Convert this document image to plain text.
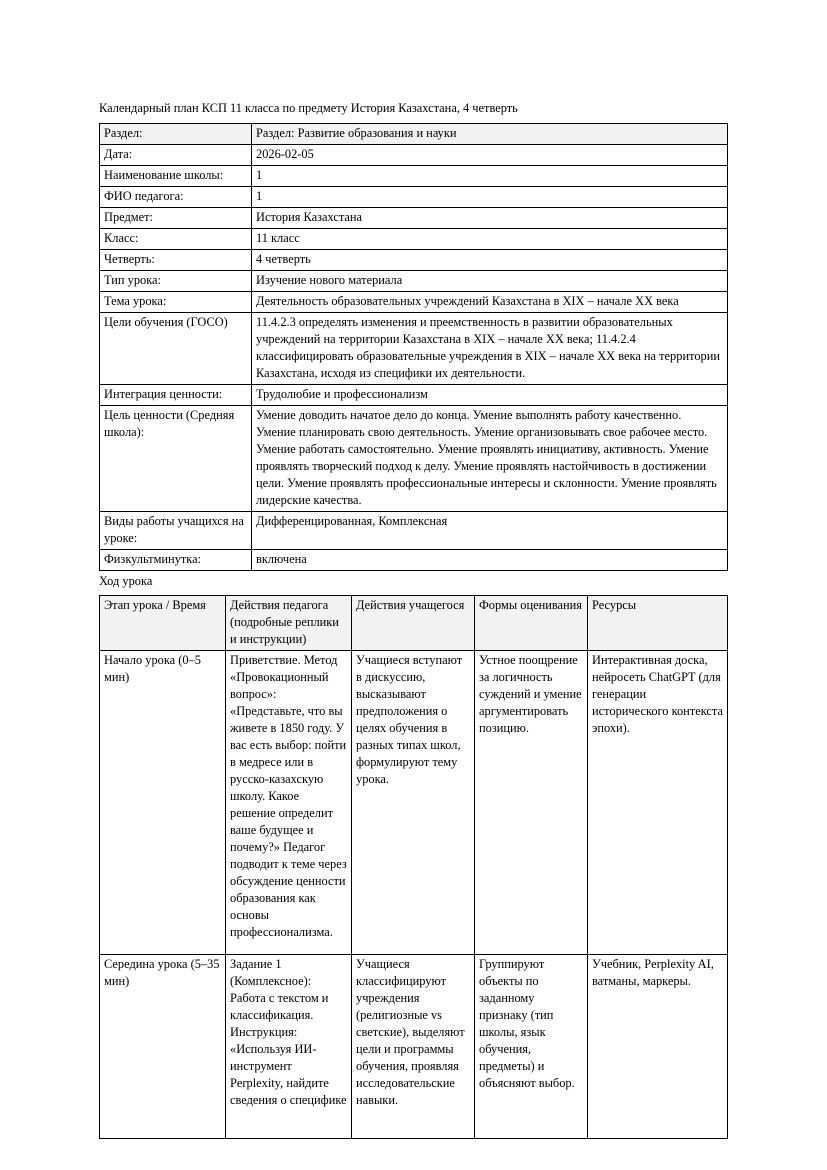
Календарный план КСП 11 класса по предмету История Казахстана, 4 четверть

Раздел:	Раздел: Развитие образования и науки
Дата:	2026-02-05
Наименование школы:	1
ФИО педагога:	1
Предмет:	История Казахстана
Класс:	11 класс
Четверть:	4 четверть
Тип урока:	Изучение нового материала
Тема урока:	Деятельность образовательных учреждений Казахстана в XIX – начале XX века
Цели обучения (ГОСО)	11.4.2.3 определять изменения и преемственность в развитии образовательных учреждений на территории Казахстана в XIX – начале XX века; 11.4.2.4 классифицировать образовательные учреждения в XIX – начале XX века на территории Казахстана, исходя из специфики их деятельности.
Интеграция ценности:	Трудолюбие и профессионализм
Цель ценности (Средняя школа):	Умение доводить начатое дело до конца. Умение выполнять работу качественно. Умение планировать свою деятельность. Умение организовывать свое рабочее место. Умение работать самостоятельно. Умение проявлять инициативу, активность. Умение проявлять творческий подход к делу. Умение проявлять настойчивость в достижении цели. Умение проявлять профессиональные интересы и склонности. Умение проявлять лидерские качества.
Виды работы учащихся на уроке:	Дифференцированная, Комплексная
Физкультминутка:	включена

Ход урока

Этап урока / Время	Действия педагога (подробные реплики и инструкции)	Действия учащегося	Формы оценивания	Ресурсы
Начало урока (0–5 мин)	Приветствие. Метод «Провокационный вопрос»: «Представьте, что вы живете в 1850 году. У вас есть выбор: пойти в медресе или в русско-казахскую школу. Какое решение определит ваше будущее и почему?» Педагог подводит к теме через обсуждение ценности образования как основы профессионализма.	Учащиеся вступают в дискуссию, высказывают предположения о целях обучения в разных типах школ, формулируют тему урока.	Устное поощрение за логичность суждений и умение аргументировать позицию.	Интерактивная доска, нейросеть ChatGPT (для генерации исторического контекста эпохи).
Середина урока (5–35 мин)	Задание 1 (Комплексное): Работа с текстом и классификация. Инструкция: «Используя ИИ-инструмент Perplexity, найдите сведения о специфике	Учащиеся классифицируют учреждения (религиозные vs светские), выделяют цели и программы обучения, проявляя исследовательские навыки.	Группируют объекты по заданному признаку (тип школы, язык обучения, предметы) и объясняют выбор.	Учебник, Perplexity AI, ватманы, маркеры.
